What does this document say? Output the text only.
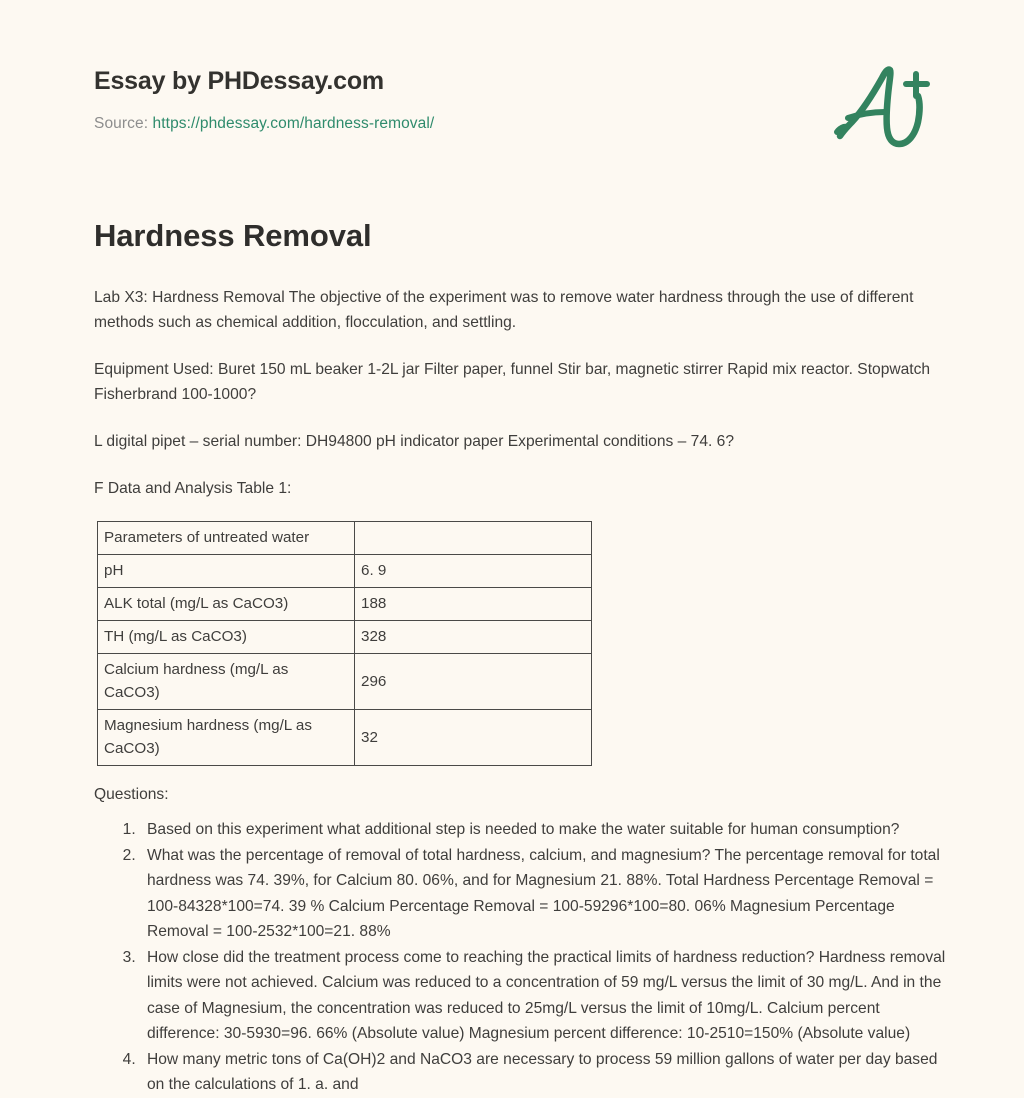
Essay by PHDessay.com
Source: https://phdessay.com/hardness-removal/
Hardness Removal

Lab X3: Hardness Removal The objective of the experiment was to remove water hardness through the use of different methods such as chemical addition, flocculation, and settling.

Equipment Used: Buret 150 mL beaker 1-2L jar Filter paper, funnel Stir bar, magnetic stirrer Rapid mix reactor. Stopwatch Fisherbrand 100-1000?

L digital pipet – serial number: DH94800 pH indicator paper Experimental conditions – 74. 6?

F Data and Analysis Table 1:

Parameters of untreated water	
pH	6. 9
ALK total (mg/L as CaCO3)	188
TH (mg/L as CaCO3)	328
Calcium hardness (mg/L as CaCO3)	296
Magnesium hardness (mg/L as CaCO3)	32

Questions:

1. Based on this experiment what additional step is needed to make the water suitable for human consumption?
2. What was the percentage of removal of total hardness, calcium, and magnesium? The percentage removal for total hardness was 74. 39%, for Calcium 80. 06%, and for Magnesium 21. 88%. Total Hardness Percentage Removal = 100-84328*100=74. 39 % Calcium Percentage Removal = 100-59296*100=80. 06% Magnesium Percentage Removal = 100-2532*100=21. 88%
3. How close did the treatment process come to reaching the practical limits of hardness reduction? Hardness removal limits were not achieved. Calcium was reduced to a concentration of 59 mg/L versus the limit of 30 mg/L. And in the case of Magnesium, the concentration was reduced to 25mg/L versus the limit of 10mg/L. Calcium percent difference: 30-5930=96. 66% (Absolute value) Magnesium percent difference: 10-2510=150% (Absolute value)
4. How many metric tons of Ca(OH)2 and NaCO3 are necessary to process 59 million gallons of water per day based on the calculations of 1. a. and
